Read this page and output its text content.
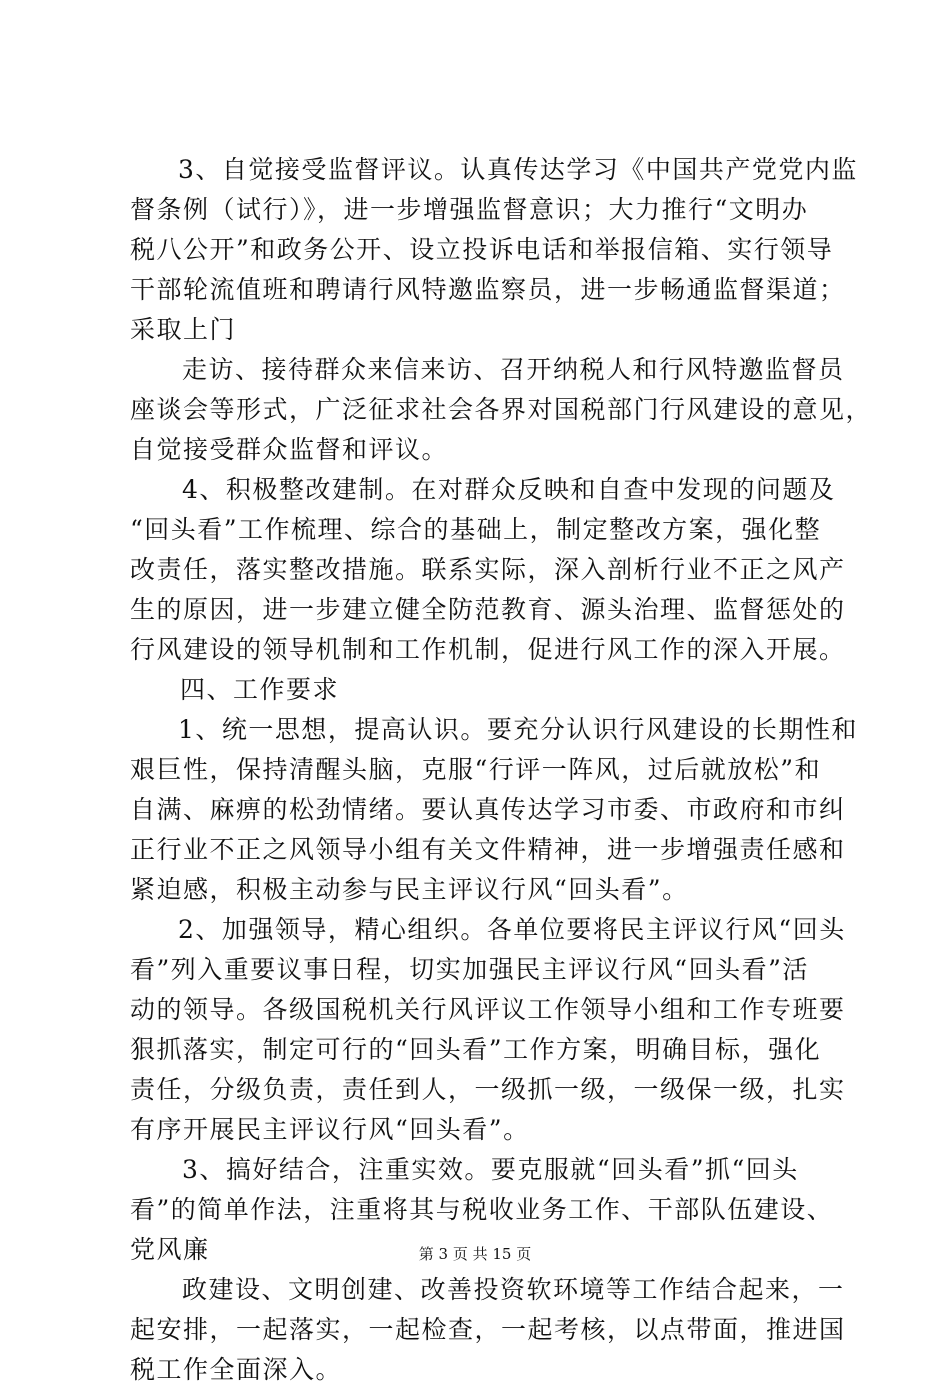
3、自觉接受监督评议。认真传达学习《中国共产党党内监
督条例（试行）》，进一步增强监督意识；大力推行“文明办
税八公开”和政务公开、设立投诉电话和举报信箱、实行领导
干部轮流值班和聘请行风特邀监察员，进一步畅通监督渠道；
采取上门
走访、接待群众来信来访、召开纳税人和行风特邀监督员
座谈会等形式，广泛征求社会各界对国税部门行风建设的意见，
自觉接受群众监督和评议。
4、积极整改建制。在对群众反映和自查中发现的问题及
“回头看”工作梳理、综合的基础上，制定整改方案，强化整
改责任，落实整改措施。联系实际，深入剖析行业不正之风产
生的原因，进一步建立健全防范教育、源头治理、监督惩处的
行风建设的领导机制和工作机制，促进行风工作的深入开展。
四、工作要求
1、统一思想，提高认识。要充分认识行风建设的长期性和
艰巨性，保持清醒头脑，克服“行评一阵风，过后就放松”和
自满、麻痹的松劲情绪。要认真传达学习市委、市政府和市纠
正行业不正之风领导小组有关文件精神，进一步增强责任感和
紧迫感，积极主动参与民主评议行风“回头看”。
2、加强领导，精心组织。各单位要将民主评议行风“回头
看”列入重要议事日程，切实加强民主评议行风“回头看”活
动的领导。各级国税机关行风评议工作领导小组和工作专班要
狠抓落实，制定可行的“回头看”工作方案，明确目标，强化
责任，分级负责，责任到人，一级抓一级，一级保一级，扎实
有序开展民主评议行风“回头看”。
3、搞好结合，注重实效。要克服就“回头看”抓“回头
看”的简单作法，注重将其与税收业务工作、干部队伍建设、
党风廉
政建设、文明创建、改善投资软环境等工作结合起来，一
起安排，一起落实，一起检查，一起考核，以点带面，推进国
税工作全面深入。
第 3 页 共 15 页
